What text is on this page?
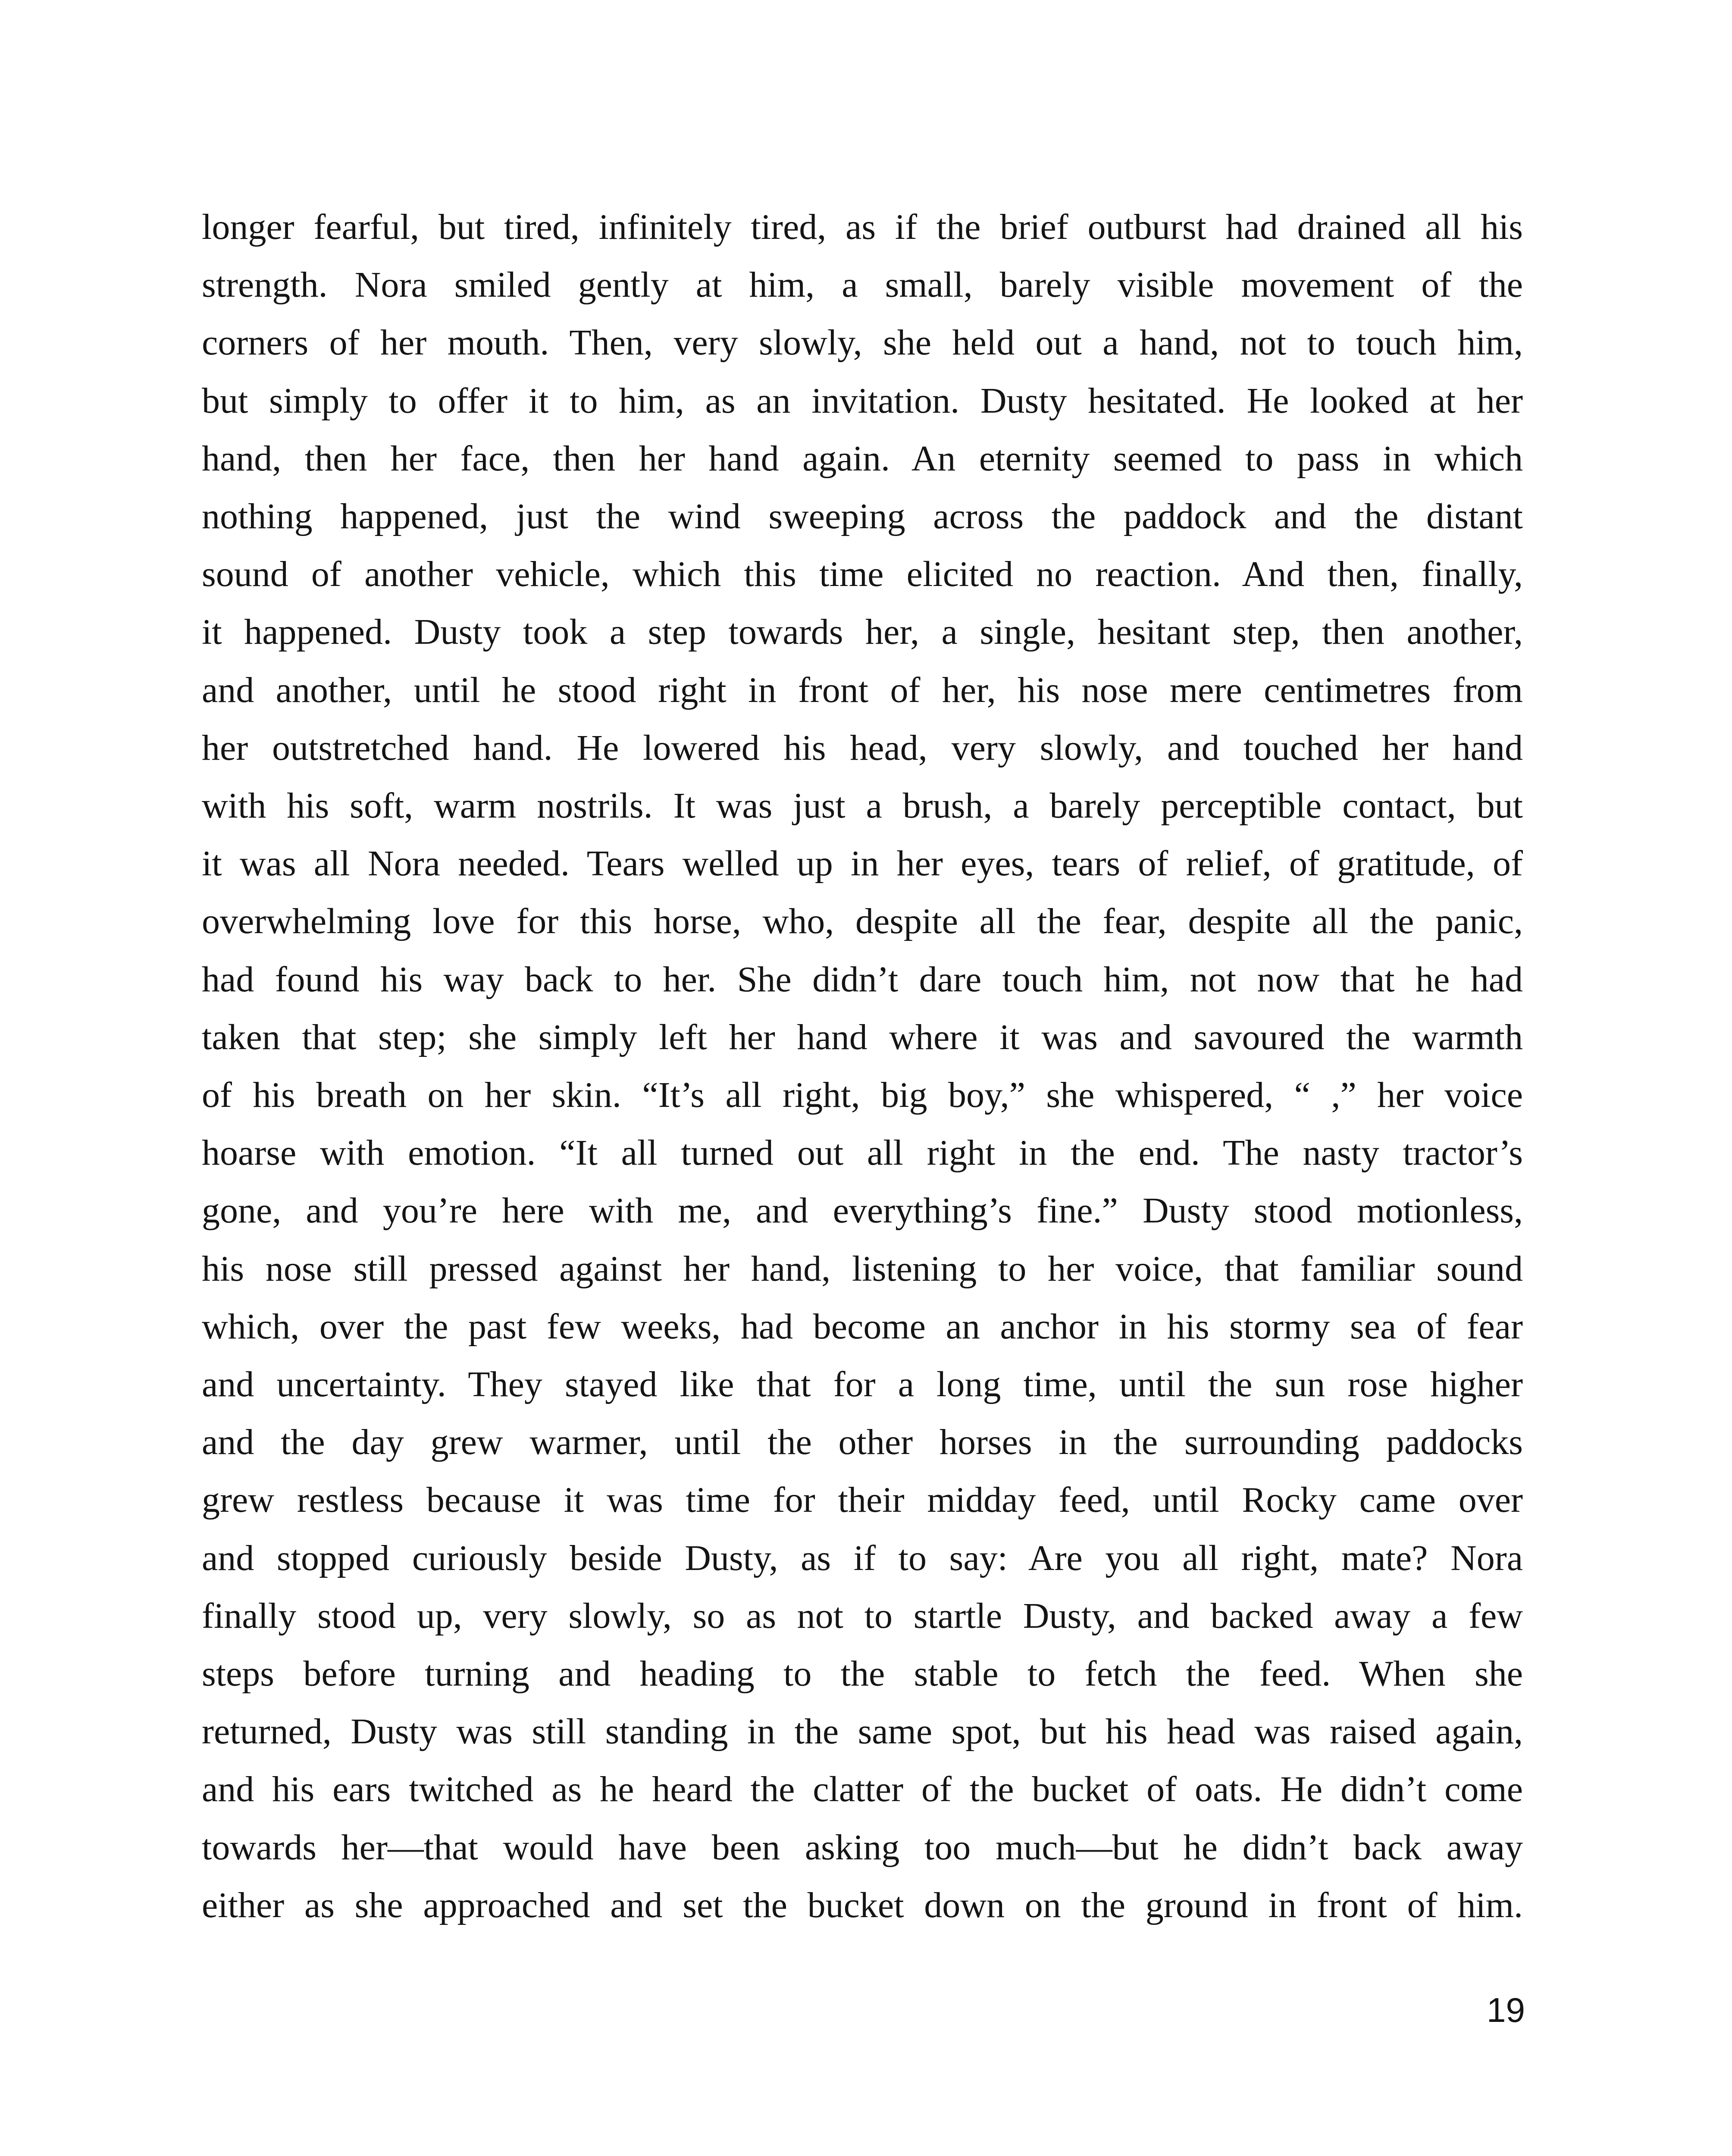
longer fearful, but tired, infinitely tired, as if the brief outburst had drained all his
strength. Nora smiled gently at him, a small, barely visible movement of the
corners of her mouth. Then, very slowly, she held out a hand, not to touch him,
but simply to offer it to him, as an invitation. Dusty hesitated. He looked at her
hand, then her face, then her hand again. An eternity seemed to pass in which
nothing happened, just the wind sweeping across the paddock and the distant
sound of another vehicle, which this time elicited no reaction. And then, finally,
it happened. Dusty took a step towards her, a single, hesitant step, then another,
and another, until he stood right in front of her, his nose mere centimetres from
her outstretched hand. He lowered his head, very slowly, and touched her hand
with his soft, warm nostrils. It was just a brush, a barely perceptible contact, but
it was all Nora needed. Tears welled up in her eyes, tears of relief, of gratitude, of
overwhelming love for this horse, who, despite all the fear, despite all the panic,
had found his way back to her. She didn’t dare touch him, not now that he had
taken that step; she simply left her hand where it was and savoured the warmth
of his breath on her skin. “It’s all right, big boy,” she whispered, “ ,” her voice
hoarse with emotion. “It all turned out all right in the end. The nasty tractor’s
gone, and you’re here with me, and everything’s fine.” Dusty stood motionless,
his nose still pressed against her hand, listening to her voice, that familiar sound
which, over the past few weeks, had become an anchor in his stormy sea of fear
and uncertainty. They stayed like that for a long time, until the sun rose higher
and the day grew warmer, until the other horses in the surrounding paddocks
grew restless because it was time for their midday feed, until Rocky came over
and stopped curiously beside Dusty, as if to say: Are you all right, mate? Nora
finally stood up, very slowly, so as not to startle Dusty, and backed away a few
steps before turning and heading to the stable to fetch the feed. When she
returned, Dusty was still standing in the same spot, but his head was raised again,
and his ears twitched as he heard the clatter of the bucket of oats. He didn’t come
towards her—that would have been asking too much—but he didn’t back away
either as she approached and set the bucket down on the ground in front of him.
19
